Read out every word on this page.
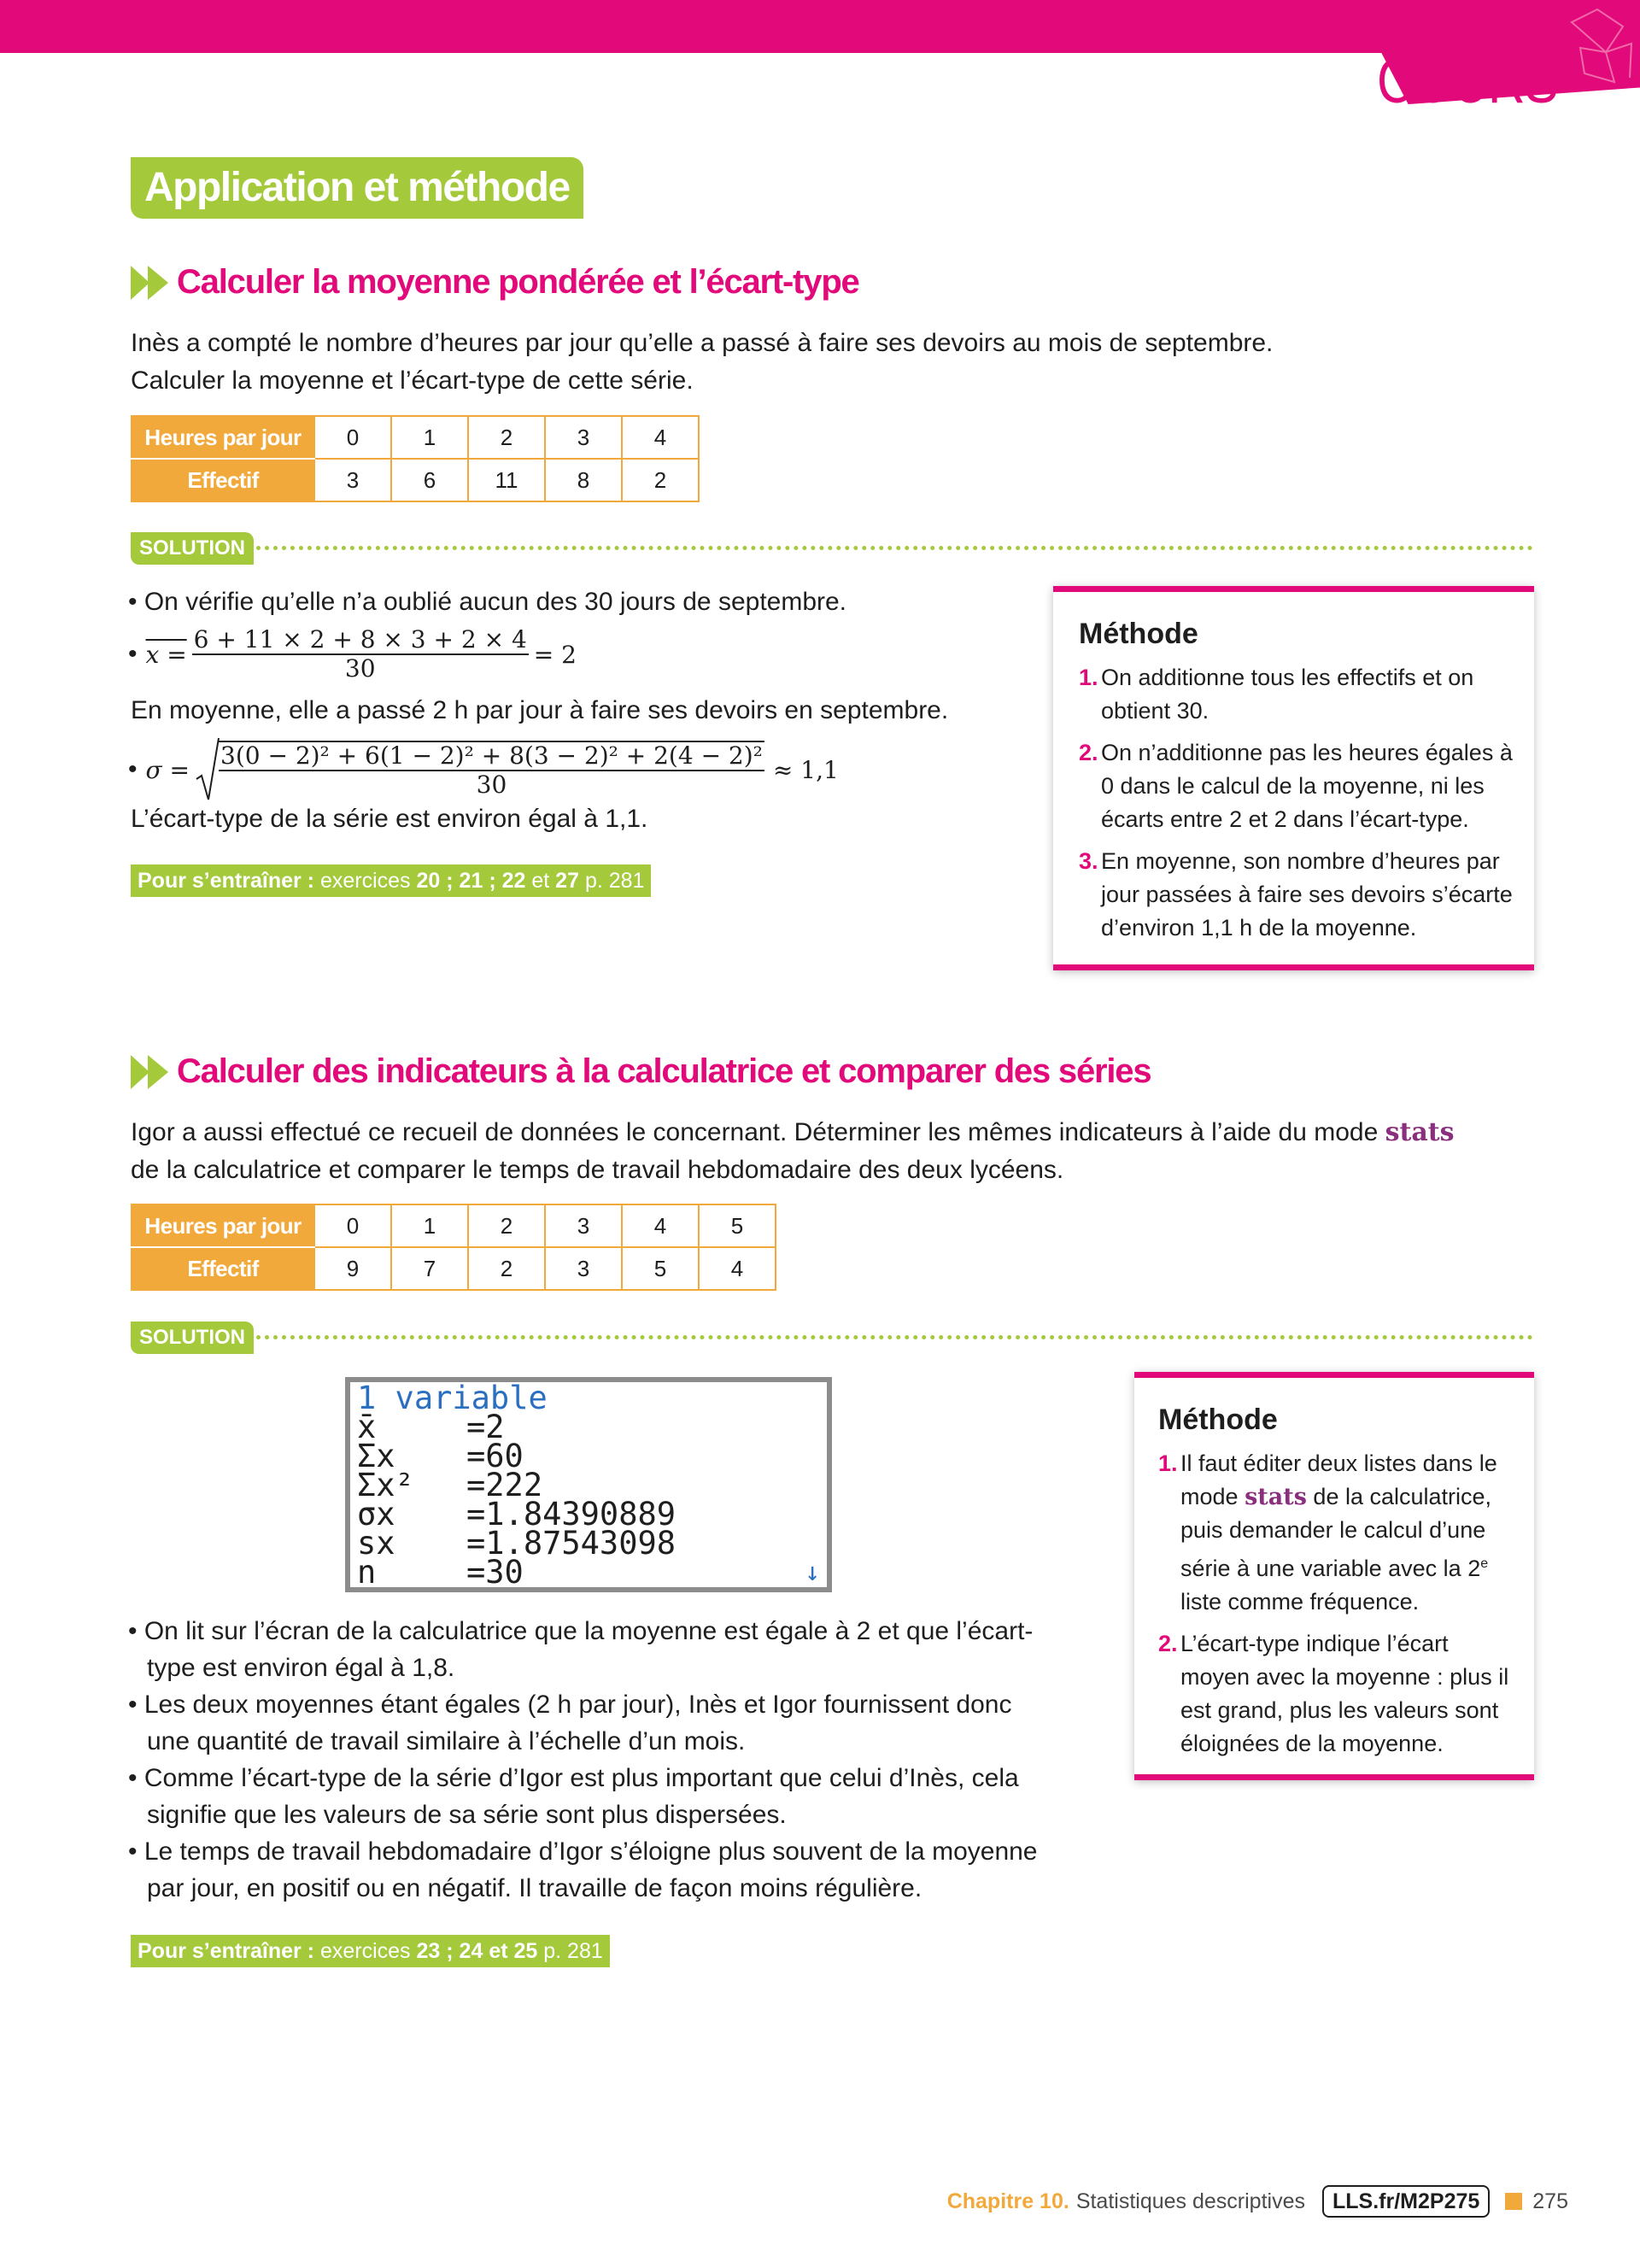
COURS
Application et méthode
Calculer la moyenne pondérée et l’écart-type
Inès a compté le nombre d’heures par jour qu’elle a passé à faire ses devoirs au mois de septembre.
Calculer la moyenne et l’écart-type de cette série.
Heures par jour	0	1	2	3	4
Effectif	3	6	11	8	2
SOLUTION
• On vérifie qu’elle n’a oublié aucun des 30 jours de septembre.
• $x = \frac{6 + 11 \times 2 + 8 \times 3 + 2 \times 4}{30} = 2$
En moyenne, elle a passé 2 h par jour à faire ses devoirs en septembre.
• $\sigma = \frac{\text{3(0 − 2)² + 6(1 − 2)² + 8(3 − 2)² + 2(4 − 2)²}}{30} \approx 1,1$
L’écart-type de la série est environ égal à 1,1.
Pour s’entraîner : exercices 20 ; 21 ; 22 et 27 p. 281
Méthode
1. On additionne tous les effectifs et on obtient 30.
2. On n’additionne pas les heures égales à 0 dans le calcul de la moyenne, ni les écarts entre 2 et 2 dans l’écart-type.
3. En moyenne, son nombre d’heures par jour passées à faire ses devoirs s’écarte d’environ 1,1 h de la moyenne.
Calculer des indicateurs à la calculatrice et comparer des séries
Igor a aussi effectué ce recueil de données le concernant. Déterminer les mêmes indicateurs à l’aide du mode stats
de la calculatrice et comparer le temps de travail hebdomadaire des deux lycéens.
Heures par jour	0	1	2	3	4	5
Effectif	9	7	2	3	5	4
SOLUTION
1 variable
x̄	=2
Σx	=60
Σx²	=222
σx	=1.84390889
sx	=1.87543098
n	=30	↓
• On lit sur l’écran de la calculatrice que la moyenne est égale à 2 et que l’écart-
type est environ égal à 1,8.
• Les deux moyennes étant égales (2 h par jour), Inès et Igor fournissent donc
une quantité de travail similaire à l’échelle d’un mois.
• Comme l’écart-type de la série d’Igor est plus important que celui d’Inès, cela
signifie que les valeurs de sa série sont plus dispersées.
• Le temps de travail hebdomadaire d’Igor s’éloigne plus souvent de la moyenne
par jour, en positif ou en négatif. Il travaille de façon moins régulière.
Pour s’entraîner : exercices 23 ; 24 et 25 p. 281
Méthode
1. Il faut éditer deux listes dans le mode stats de la calculatrice, puis demander le calcul d’une série à une variable avec la 2e liste comme fréquence.
2. L’écart-type indique l’écart moyen avec la moyenne : plus il est grand, plus les valeurs sont éloignées de la moyenne.
Chapitre 10. Statistiques descriptives	LLS.fr/M2P275	275
